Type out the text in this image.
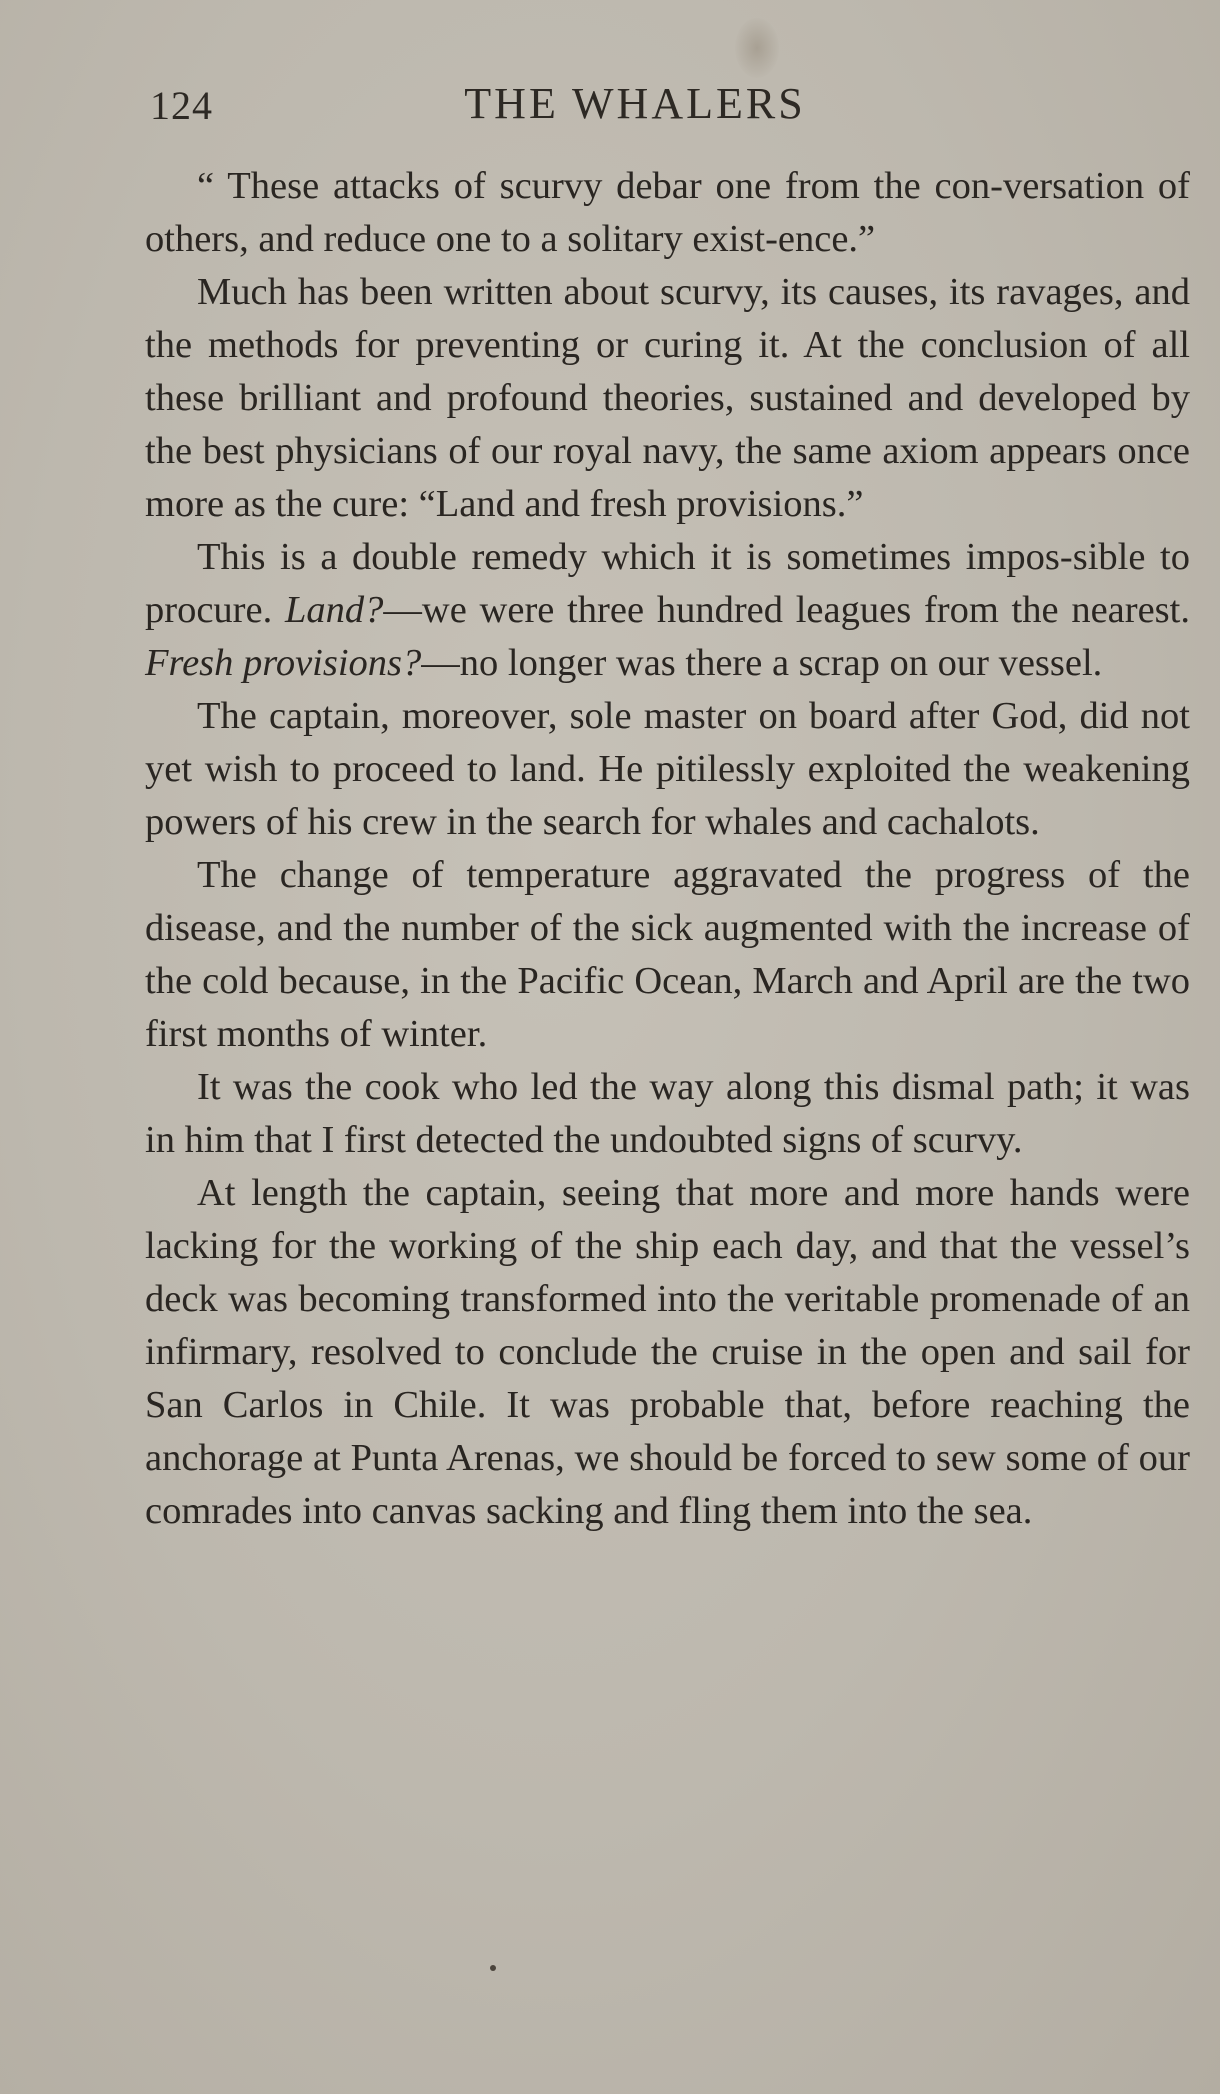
124	THE WHALERS

“ These attacks of scurvy debar one from the con-versation of others, and reduce one to a solitary exist-ence.”

Much has been written about scurvy, its causes, its ravages, and the methods for preventing or curing it. At the conclusion of all these brilliant and profound theories, sustained and developed by the best physicians of our royal navy, the same axiom appears once more as the cure: “Land and fresh provisions.”

This is a double remedy which it is sometimes impos-sible to procure. Land?—we were three hundred leagues from the nearest. Fresh provisions?—no longer was there a scrap on our vessel.

The captain, moreover, sole master on board after God, did not yet wish to proceed to land. He pitilessly exploited the weakening powers of his crew in the search for whales and cachalots.

The change of temperature aggravated the progress of the disease, and the number of the sick augmented with the increase of the cold because, in the Pacific Ocean, March and April are the two first months of winter.

It was the cook who led the way along this dismal path; it was in him that I first detected the undoubted signs of scurvy.

At length the captain, seeing that more and more hands were lacking for the working of the ship each day, and that the vessel’s deck was becoming transformed into the veritable promenade of an infirmary, resolved to conclude the cruise in the open and sail for San Carlos in Chile. It was probable that, before reaching the anchorage at Punta Arenas, we should be forced to sew some of our comrades into canvas sacking and fling them into the sea.
